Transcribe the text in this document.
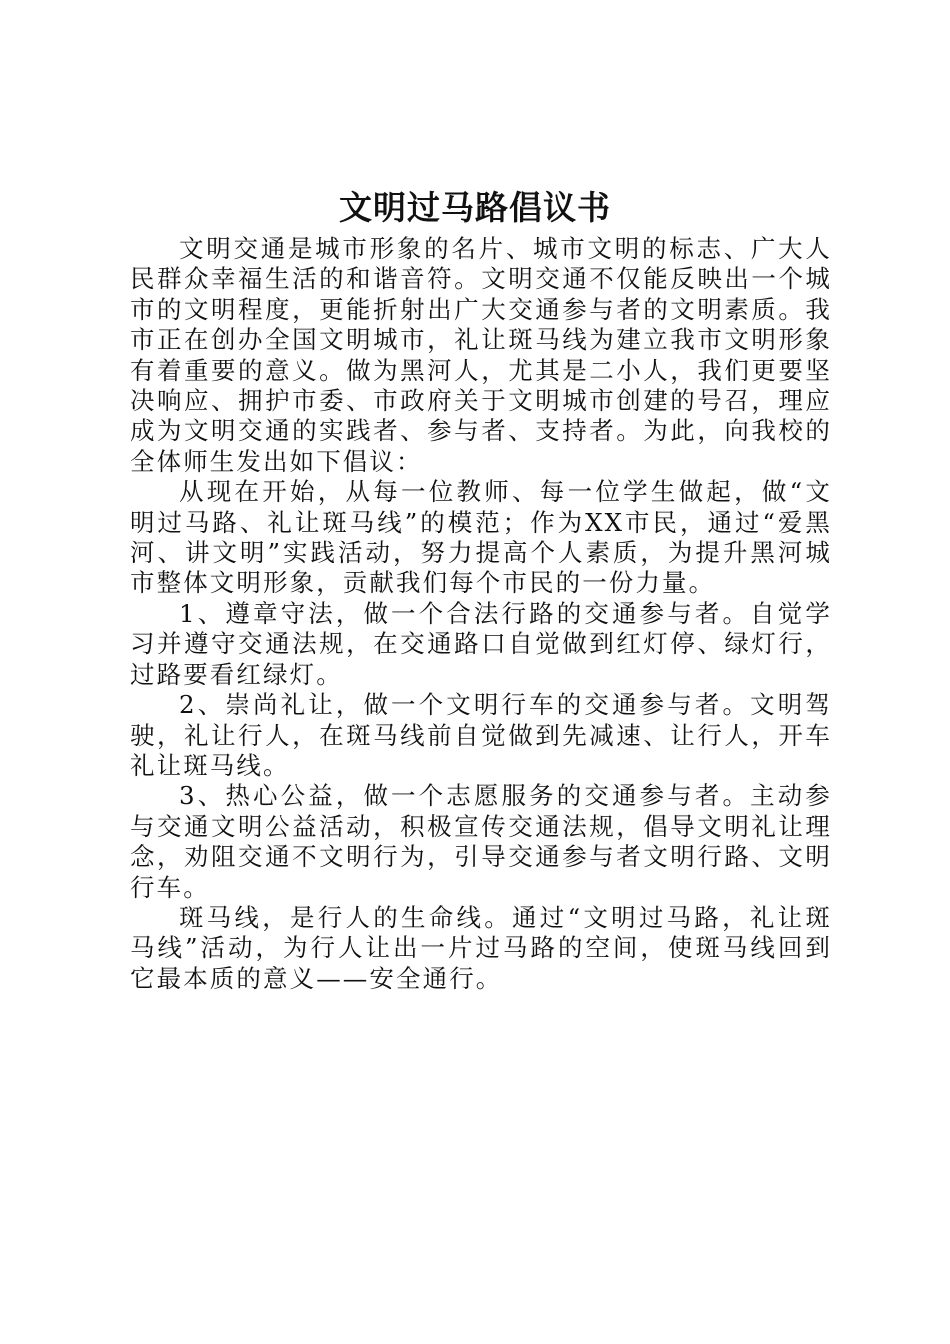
文明过马路倡议书

文明交通是城市形象的名片、城市文明的标志、广大人民群众幸福生活的和谐音符。文明交通不仅能反映出一个城市的文明程度，更能折射出广大交通参与者的文明素质。我市正在创办全国文明城市，礼让斑马线为建立我市文明形象有着重要的意义。做为黑河人，尤其是二小人，我们更要坚决响应、拥护市委、市政府关于文明城市创建的号召，理应成为文明交通的实践者、参与者、支持者。为此，向我校的全体师生发出如下倡议：

从现在开始，从每一位教师、每一位学生做起，做“文明过马路、礼让斑马线”的模范；作为XX市民，通过“爱黑河、讲文明”实践活动，努力提高个人素质，为提升黑河城市整体文明形象，贡献我们每个市民的一份力量。

1、遵章守法，做一个合法行路的交通参与者。自觉学习并遵守交通法规，在交通路口自觉做到红灯停、绿灯行，过路要看红绿灯。

2、崇尚礼让，做一个文明行车的交通参与者。文明驾驶，礼让行人，在斑马线前自觉做到先减速、让行人，开车礼让斑马线。

3、热心公益，做一个志愿服务的交通参与者。主动参与交通文明公益活动，积极宣传交通法规，倡导文明礼让理念，劝阻交通不文明行为，引导交通参与者文明行路、文明行车。

斑马线，是行人的生命线。通过“文明过马路，礼让斑马线”活动，为行人让出一片过马路的空间，使斑马线回到它最本质的意义——安全通行。
